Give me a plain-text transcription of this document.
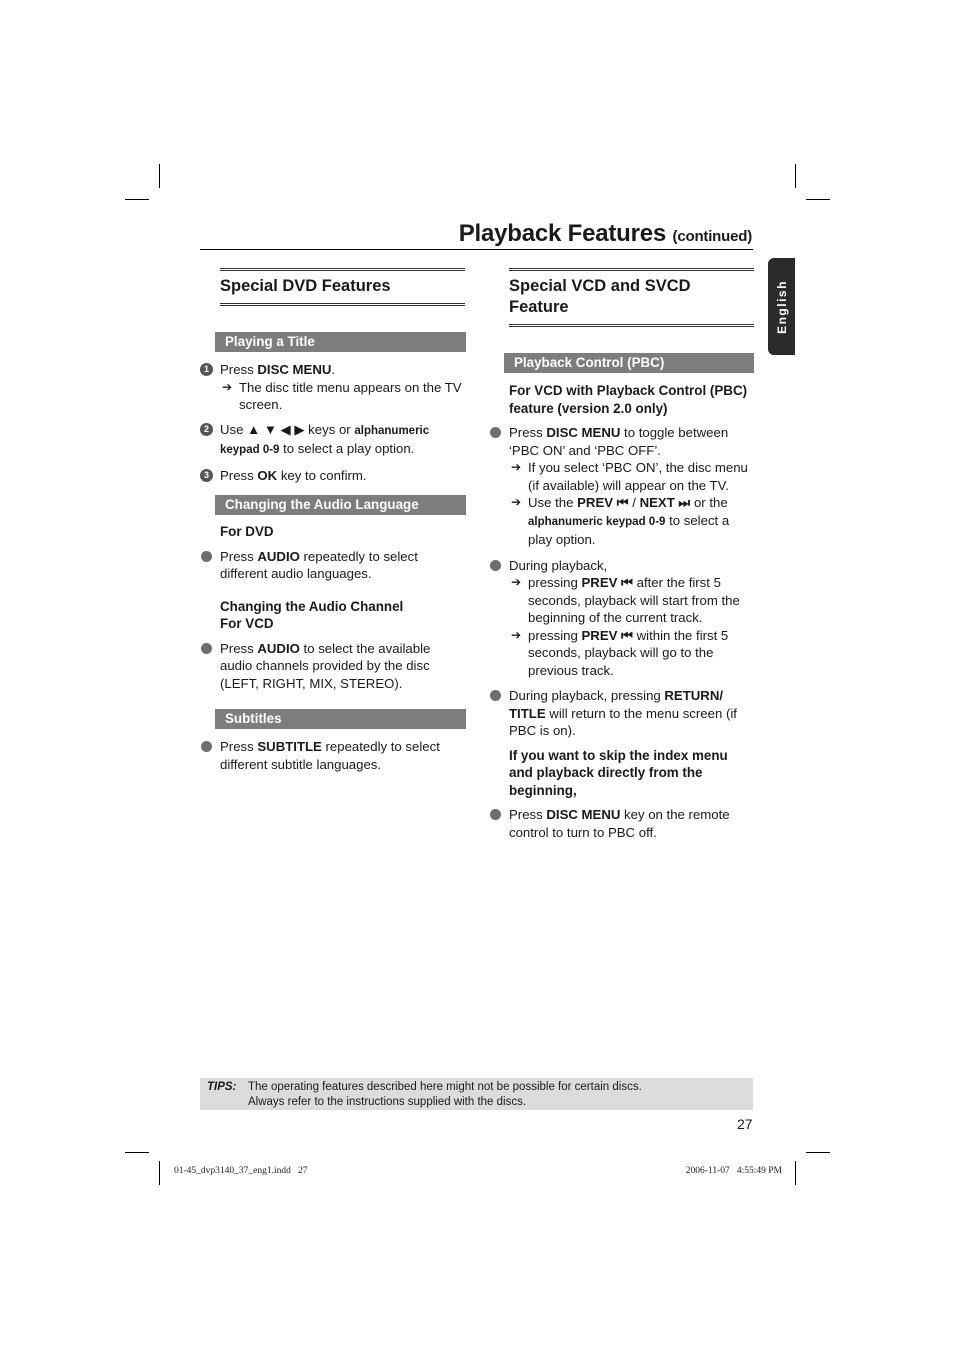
Playback Features (continued)
English
Special DVD Features
Playing a Title
1 Press DISC MENU.
➔ The disc title menu appears on the TV screen.
2 Use ▲ ▼ ◀ ▶ keys or alphanumeric keypad 0-9 to select a play option.
3 Press OK key to confirm.
Changing the Audio Language
For DVD
Press AUDIO repeatedly to select different audio languages.
Changing the Audio Channel
For VCD
Press AUDIO to select the available audio channels provided by the disc (LEFT, RIGHT, MIX, STEREO).
Subtitles
Press SUBTITLE repeatedly to select different subtitle languages.
Special VCD and SVCD Feature
Playback Control (PBC)
For VCD with Playback Control (PBC) feature (version 2.0 only)
Press DISC MENU to toggle between ‘PBC ON’ and ‘PBC OFF’.
➔ If you select ‘PBC ON’, the disc menu (if available) will appear on the TV.
➔ Use the PREV ⏮ / NEXT ⏭ or the alphanumeric keypad 0-9 to select a play option.
During playback,
➔ pressing PREV ⏮ after the first 5 seconds, playback will start from the beginning of the current track.
➔ pressing PREV ⏮ within the first 5 seconds, playback will go to the previous track.
During playback, pressing RETURN/ TITLE will return to the menu screen (if PBC is on).
If you want to skip the index menu and playback directly from the beginning,
Press DISC MENU key on the remote control to turn to PBC off.
TIPS: The operating features described here might not be possible for certain discs.
Always refer to the instructions supplied with the discs.
27
01-45_dvp3140_37_eng1.indd   27	2006-11-07   4:55:49 PM
